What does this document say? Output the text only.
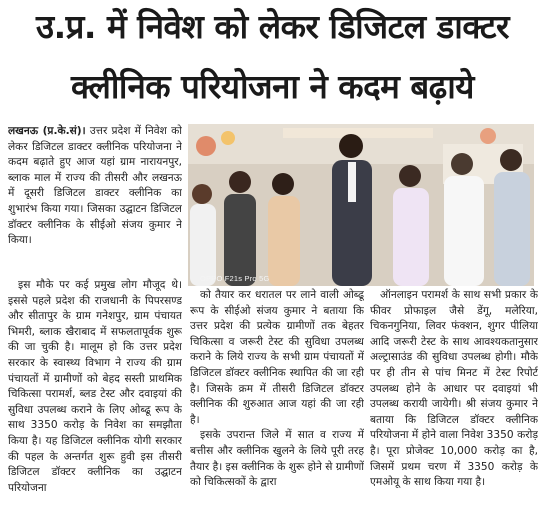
उ.प्र. में निवेश को लेकर डिजिटल डाक्टर
क्लीनिक परियोजना ने कदम बढ़ाये
लखनऊ (प्र.के.सं)। उत्तर प्रदेश में निवेश को लेकर डिजिटल डाक्टर क्लीनिक परियोजना ने कदम बढ़ाते हुए आज यहां ग्राम नारायनपुर, ब्लाक माल में राज्य की तीसरी और लखनऊ में दूसरी डिजिटल डाक्टर क्लीनिक का शुभारंभ किया गया। जिसका उद्घाटन डिजिटल डॉक्टर क्लीनिक के सीईओ संजय कुमार ने किया।
OPPO F21s Pro 5G

इस मौके पर कई प्रमुख लोग मौजूद थे। इससे पहले प्रदेश की राजधानी के पिपरसण्ड और सीतापुर के ग्राम गनेशपुर, ग्राम पंचायत भिमरी, ब्लाक खैराबाद में सफलतापूर्वक शुरू की जा चुकी है। मालूम हो कि उत्तर प्रदेश सरकार के स्वास्थ्य विभाग ने राज्य की ग्राम पंचायतों में ग्रामीणों को बेहद सस्ती प्राथमिक चिकित्सा परामर्श, ब्लड टेस्ट और दवाइयां की सुविधा उपलब्ध कराने के लिए ओब्ढू रूप के साथ 3350 करोड़ के निवेश का समझौता किया है। यह डिजिटल क्लीनिक योगी सरकार की पहल के अन्तर्गत शुरू हुवी इस तीसरी डिजिटल डॉक्टर क्लीनिक का उद्घाटन परियोजना

को तैयार कर धरातल पर लाने वाली ओब्ढू रूप के सीईओ संजय कुमार ने बताया कि उत्तर प्रदेश की प्रत्येक ग्रामीणों तक बेहतर चिकित्सा व जरूरी टेस्ट की सुविधा उपलब्ध कराने के लिये राज्य के सभी ग्राम पंचायतों में डिजिटल डॉक्टर क्लीनिक स्थापित की जा रही है। जिसके क्रम में तीसरी डिजिटल डॉक्टर क्लीनिक की शुरुआत आज यहां की जा रही है।

इसके उपरान्त जिले में सात व राज्य में बत्तीस और क्लीनिक खुलने के लिये पूरी तरह तैयार है। इस क्लीनिक के शुरू होने से ग्रामीणों को चिकित्सकों के द्वारा

ऑनलाइन परामर्श के साथ सभी प्रकार के फीवर प्रोफाइल जैसे डेंगू, मलेरिया, चिकनगुनिया, लिवर फंक्शन, शुगर पीलिया आदि जरूरी टेस्ट के साथ आवश्यकतानुसार अल्ट्रासाउंड की सुविधा उपलब्ध होगी। मौके पर ही तीन से पांच मिनट में टेस्ट रिपोर्ट उपलब्ध होने के आधार पर दवाइयां भी उपलब्ध करायी जायेगी। श्री संजय कुमार ने बताया कि डिजिटल डॉक्टर क्लीनिक परियोजना में होने वाला निवेश 3350 करोड़ है। पूरा प्रोजेक्ट 10,000 करोड़ का है, जिसमें प्रथम चरण में 3350 करोड़ के एमओयू के साथ किया गया है।
